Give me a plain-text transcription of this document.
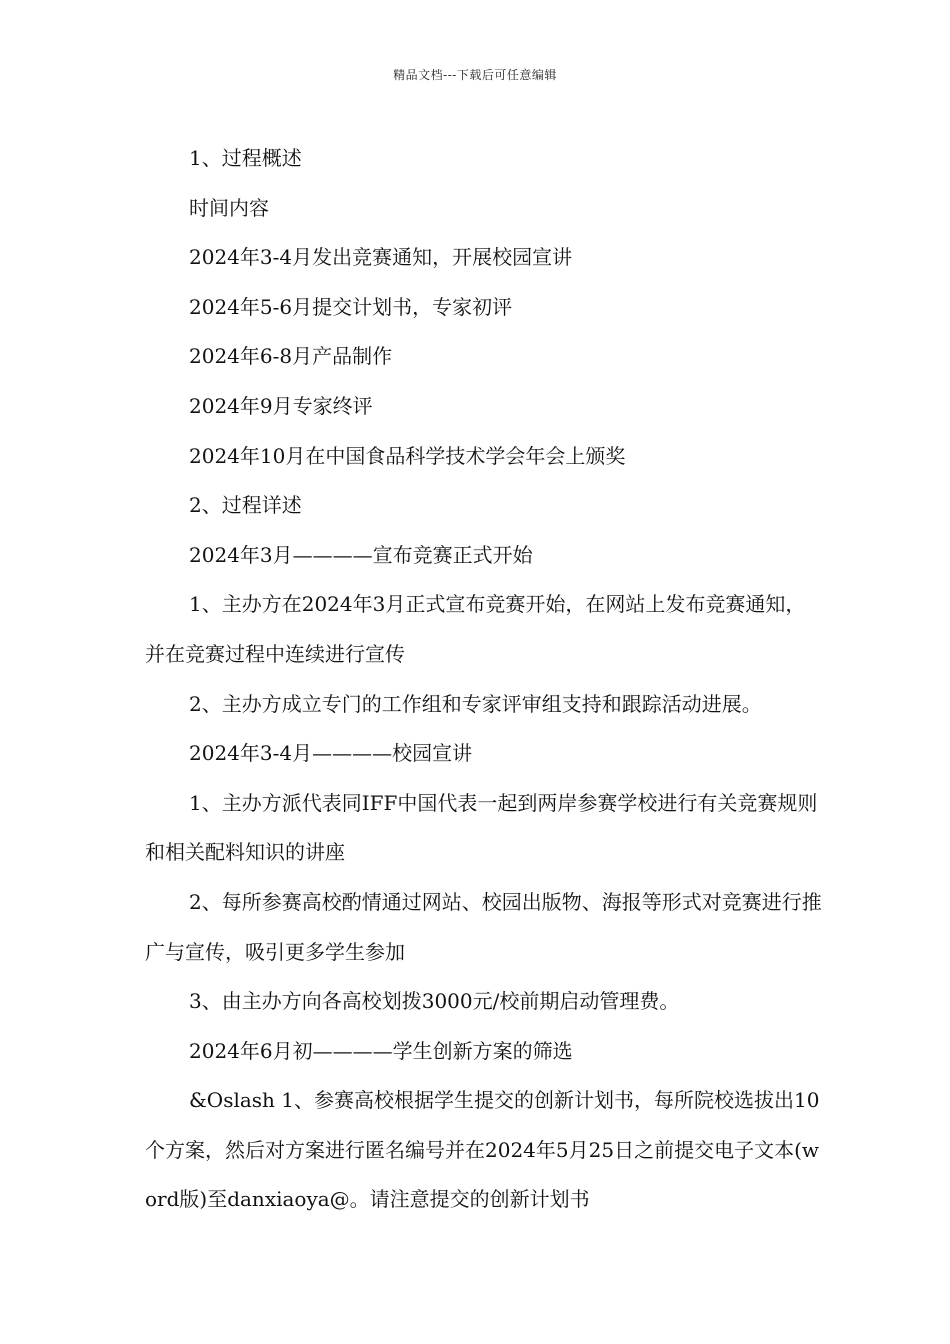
精品文档---下载后可任意编辑

1、过程概述

时间内容

2024年3-4月发出竞赛通知，开展校园宣讲

2024年5-6月提交计划书，专家初评

2024年6-8月产品制作

2024年9月专家终评

2024年10月在中国食品科学技术学会年会上颁奖

2、过程详述

2024年3月————宣布竞赛正式开始

1、主办方在2024年3月正式宣布竞赛开始，在网站上发布竞赛通知，并在竞赛过程中连续进行宣传

2、主办方成立专门的工作组和专家评审组支持和跟踪活动进展。

2024年3-4月————校园宣讲

1、主办方派代表同IFF中国代表一起到两岸参赛学校进行有关竞赛规则和相关配料知识的讲座

2、每所参赛高校酌情通过网站、校园出版物、海报等形式对竞赛进行推广与宣传，吸引更多学生参加

3、由主办方向各高校划拨3000元/校前期启动管理费。

2024年6月初————学生创新方案的筛选

&Oslash 1、参赛高校根据学生提交的创新计划书，每所院校选拔出10个方案，然后对方案进行匿名编号并在2024年5月25日之前提交电子文本(word版)至danxiaoya@。请注意提交的创新计划书
